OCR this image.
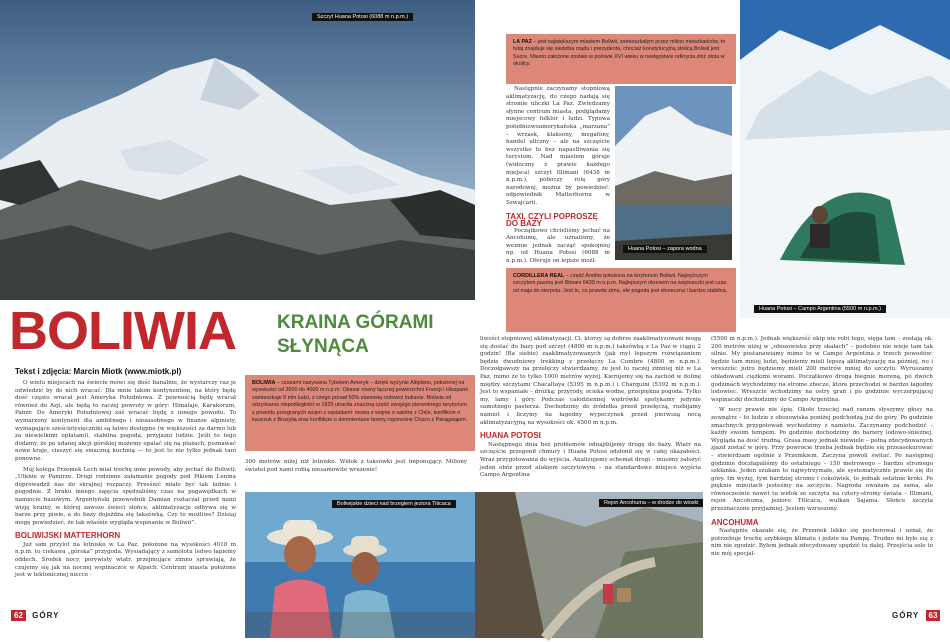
Szczyt Huana Potosi (6088 m n.p.m.)
BOLIWIA KRAINA GÓRAMI
SŁYNĄCA
Tekst i zdjęcia: Marcin Miotk (www.miotk.pl)

O wielu miejscach na świecie mówi się dość banalnie, że wystarczy raz je odwiedzić by do nich wracać. Dla mnie takim kontynentem, na który będę dość często wracał jest Ameryka Południowa. Z pewnością będę wracał również do Azji, ale będą to raczej powroty w góry: Himalaje, Karakorum, Pamir. Do Ameryki Południowej zaś wracać będę z innego powodu. To wymarzony kontynent dla ambitnego i niezasobnego w finanse alpinisty, wymagające sześciotysięczniki są łatwo dostępne (w większości za darmo lub za niewielkimi opłatami), stabilna pogoda, przyjazni ludzie. Jeśli to tego dodamy, że po udanej akcji górskiej możemy opalać się na plażach, poznawać nowe kraje, cieszyć się smaczną kuchnią — to jest to nie tylko jednak tani ponowne.

Mój kolega Przemek Lech miał trochę inne powody, aby jechać do Boliwii: „Utknie w Pamirze. Drugi rodzinne załamanie pogody pod Pikiem Lenina doprowadził nas do skrajnej rozpaczy. Prześnić miało być tak ładnie i pogodnie. Z braku innego zajęcia spędzaliśmy czas na pogawędkach w namiocie bazowym. Argentyński przewodnik Damian roztaczał przed nami wizję krainy, w której zawsze świeci słońce, aklimatyzacje odbywa się w barze przy piwie, a do bazy dojeżdża się taksówką. Czy to możliwe? Dzisiaj mogę powiedzieć, że tak właśnie wygląda wspinanie w Boliwii”.

BOLIWIJSKI MATTERHORN

Już sam przylot na lotnisko w La Paz, położone na wysokości 4018 m n.p.m. to ciekawa „górska” przygoda. Wysiadający z samolotu ledwo łapiemy oddech. Środek nocy, porywisty wiatr, przejmujące zimno sprawiają, że czujemy się jak na nocnej wspinaczce w Alpach. Centrum miasta położone jest w tektonicznej niecce -

BOLIWIA – czasami nazywana Tybetem Ameryk – dzięki wyżynie Altiplano, położonej na wysokości od 3500 do 4000 m n.p.m. Obszar równy łącznej powierzchni Francji i Hiszpanii zamieszkuje 8 mln ludzi, z czego ponad 50% stanowią rodowici Indianie. Boliwia od odzyskania niepodległości w 1825 utraciła znaczną część swojego pierwotnego terytorium z powodu przegranych wojen z sąsiadami: mowa o wojnie o saletrę z Chile, konflikcie o kauczuk z Brazylią oraz konflikcie o domniemane tereny roponośne Chaco z Paragwajem.
300 metrów niżej niż lotnisko. Widok z taksówki jest imponujący. Miliony świateł pod nami robią niesamowite wrażenie!
Boliwijskie dzieci nad brzegiem jeziora Titicaca
62 GÓRY
LA PAZ – jest największym miastem Boliwii, zamieszkałym przez milion mieszkańców, to tutaj znajduje się siedziba rządu i prezydenta, chociaż konstytucyjną stolicą Boliwii jest Sucre. Miasto założone zostało w połowie XVI wieku w następstwie odkrycia złóż złota w okolicy.

Następnie zaczynamy stopniową aklimatyzację, do czego nadają się stromie uliczki La Paz. Zwiedzamy słynne centrum miasta, podglądamy miejscowy folklor i ludzi. Typowa południowoamerykańska „marzana” – wrzask, klaksony, megafony, handel uliczny – ale na szczęście wszystko to bez napastliwania się turystom. Nad miastem góruje (widoczny z prawie każdego miejsca) szczyt Illimani (6438 m n.p.m.), poboczy rolę góry narodowej, można by powiedzieć: odpowiednik Matterhornu w Szwajcarii.

TAXI, CZYLI POPROSZĘ
DO BAZY

Początkowo chcieliśmy jechać na Ancohumę, ale uznaliśmy, że wezmie jednak zacząć spokojniej np. od Huana Potosi (6088 m n.p.m.). Oferuje on lepsze mozl-

Huana Potosi – zapora wodna
Huana Potosi – Campo Argentina (5500 m n.p.m.)
CORDILLERA REAL – część Andów położona na terytorium Boliwii. Najwyższym szczytem pasma jest Illimani 6439 m n.p.m. Najlepszym okresem na wspinaczki jest czas od maja do sierpnia. Jest to, co prawda zima, ale pogoda jest słoneczna i bardzo stabilna.

liwości stopniowej aklimatyzacji. Ci, którzy są dobrze zaaklimatyzowani mogą się dostać do bazy pod szczyt (4800 m n.p.m.) taksówką z La Paz w ciągu 2 godzin! (Ba siebie) zaaklimatyzowanych (jak my) lepszym rozwiązaniem będzie dwudniowy trekking z przełęczy La Cumbre (4800 m n.p.m.). Doczołgawszy na przełęczy stwierdzamy, że jest to raczej zimniej niż w La Paz, mimo że to tylko 1000 metrów wyżej. Kierujemy się na zachód w dolinę między szczytami Chacaltaya (5395 m n.p.m.) i Charquini (5392 m n.p.m.). Jest to wspaniałe – dróżką: przyrody, ocieka wodne, przepiękna pogoda. Tylko my, lamy i góry. Podczas całodziennej wędrówki spotykamy jedynie samotnego pasterza. Dochodzimy do źródełka przed przełęczą, rozbijamy namiot i liczymy na łagodny wypoczynek przed pierwszą nocą aklimatyzacyjną na wysokości ok. 4500 m n.p.m.

HUANA POTOSI

Następnego dnia bez problemów odnajdujemy drogę do bazy. Wiatr na szczęście przegonił chmury i Huana Potosi odsłonił się w całej okazałości. Wraz przygotowania do wyjścia. Analizujemy schemat drogi – musimy założyć jeden obóz przed atakiem szczytowym – na standardowe miejsce wyjścia Campo Argentina

Rejon Ancohuma – w drodze do wioski

(5500 m n.p.m.). Jednak większość ekip nie robi tego, sięga tam – zostają ok. 200 metrów niżej w „obozowisku przy skałach” – podobno nie wieje tam tak silnie. My postanawiamy mimo to w Campo Argentina z trzech powodów: będzie tam mniej ludzi, będziemy mieli lepszą aklimatyzację na później, no i wreszcie: jutro będziemy mieli 200 metrów mniej do szczytu. Wyruszamy obładowani ciężkimi worami. Początkowo droga biegnie moreną, po dwóch godzinach wychodzimy na strome zbocze, które przechodzi w bardzo łagodny lodowiec. Wreszcie wchodzimy na ostry grań i po godzinie wyczerpującej wspinaczki dochodzimy do Campo Argentina.

W nocy prawie nie śpię. Około trzeciej nad ranem słyszymy głosy na zewnątrz – to ludzie z obozowiska poniżej podchodzą już do góry. Po godzinie zmachnych przygotowań wychodzimy z namiotu. Zaczynamy podchodzić – każdy swoim tempem. Po godzinie dochodzimy do bariery lodowo-śnieżnej. Wygląda na dość trudną. Grasa masy jednak niewiele – pełną zdecydowanych zjazd zostać w górę. Przy powrocie trzeba jednak będzie się przeasekurować – stwierdzam ogólnie z Przemkiem. Zaczyna powoli świtać. Po następnej godzinie doczłapaliśmy do ostatniego – 150 metrowego – bardzo stromego szkłanka. Jeden szukam to najwytrzymałe, ale systematycznie prawie się do góry. Im wyżej, tym bardziej stromo i cokolwiek, to jednak ostatnie kroki. Po pięknie minutach jesteśmy na szczycie. Nagroda uważam za sama, ale równocześnie nawet tu widok ze szczytu na cztery-stromy świata – Illimani, rejon Ancohuma, jezioro Titicaca, wulkan Sajama. Słońce szczyta przeznaczone przyjaźniej. Jestem wzruszony.

ANCOHUMA

Następnie okazało się, że Przemek lekko się pochorował i uznał, że potrzebuje trochę szybkiego klimatu i jedzie na Pampę. Trudno mi było się z nim nie zgodzić. Byłem jednak zdecydowany spędzić tu dalej. Przejścia solo to nie mój specjal-

GÓRY 63
